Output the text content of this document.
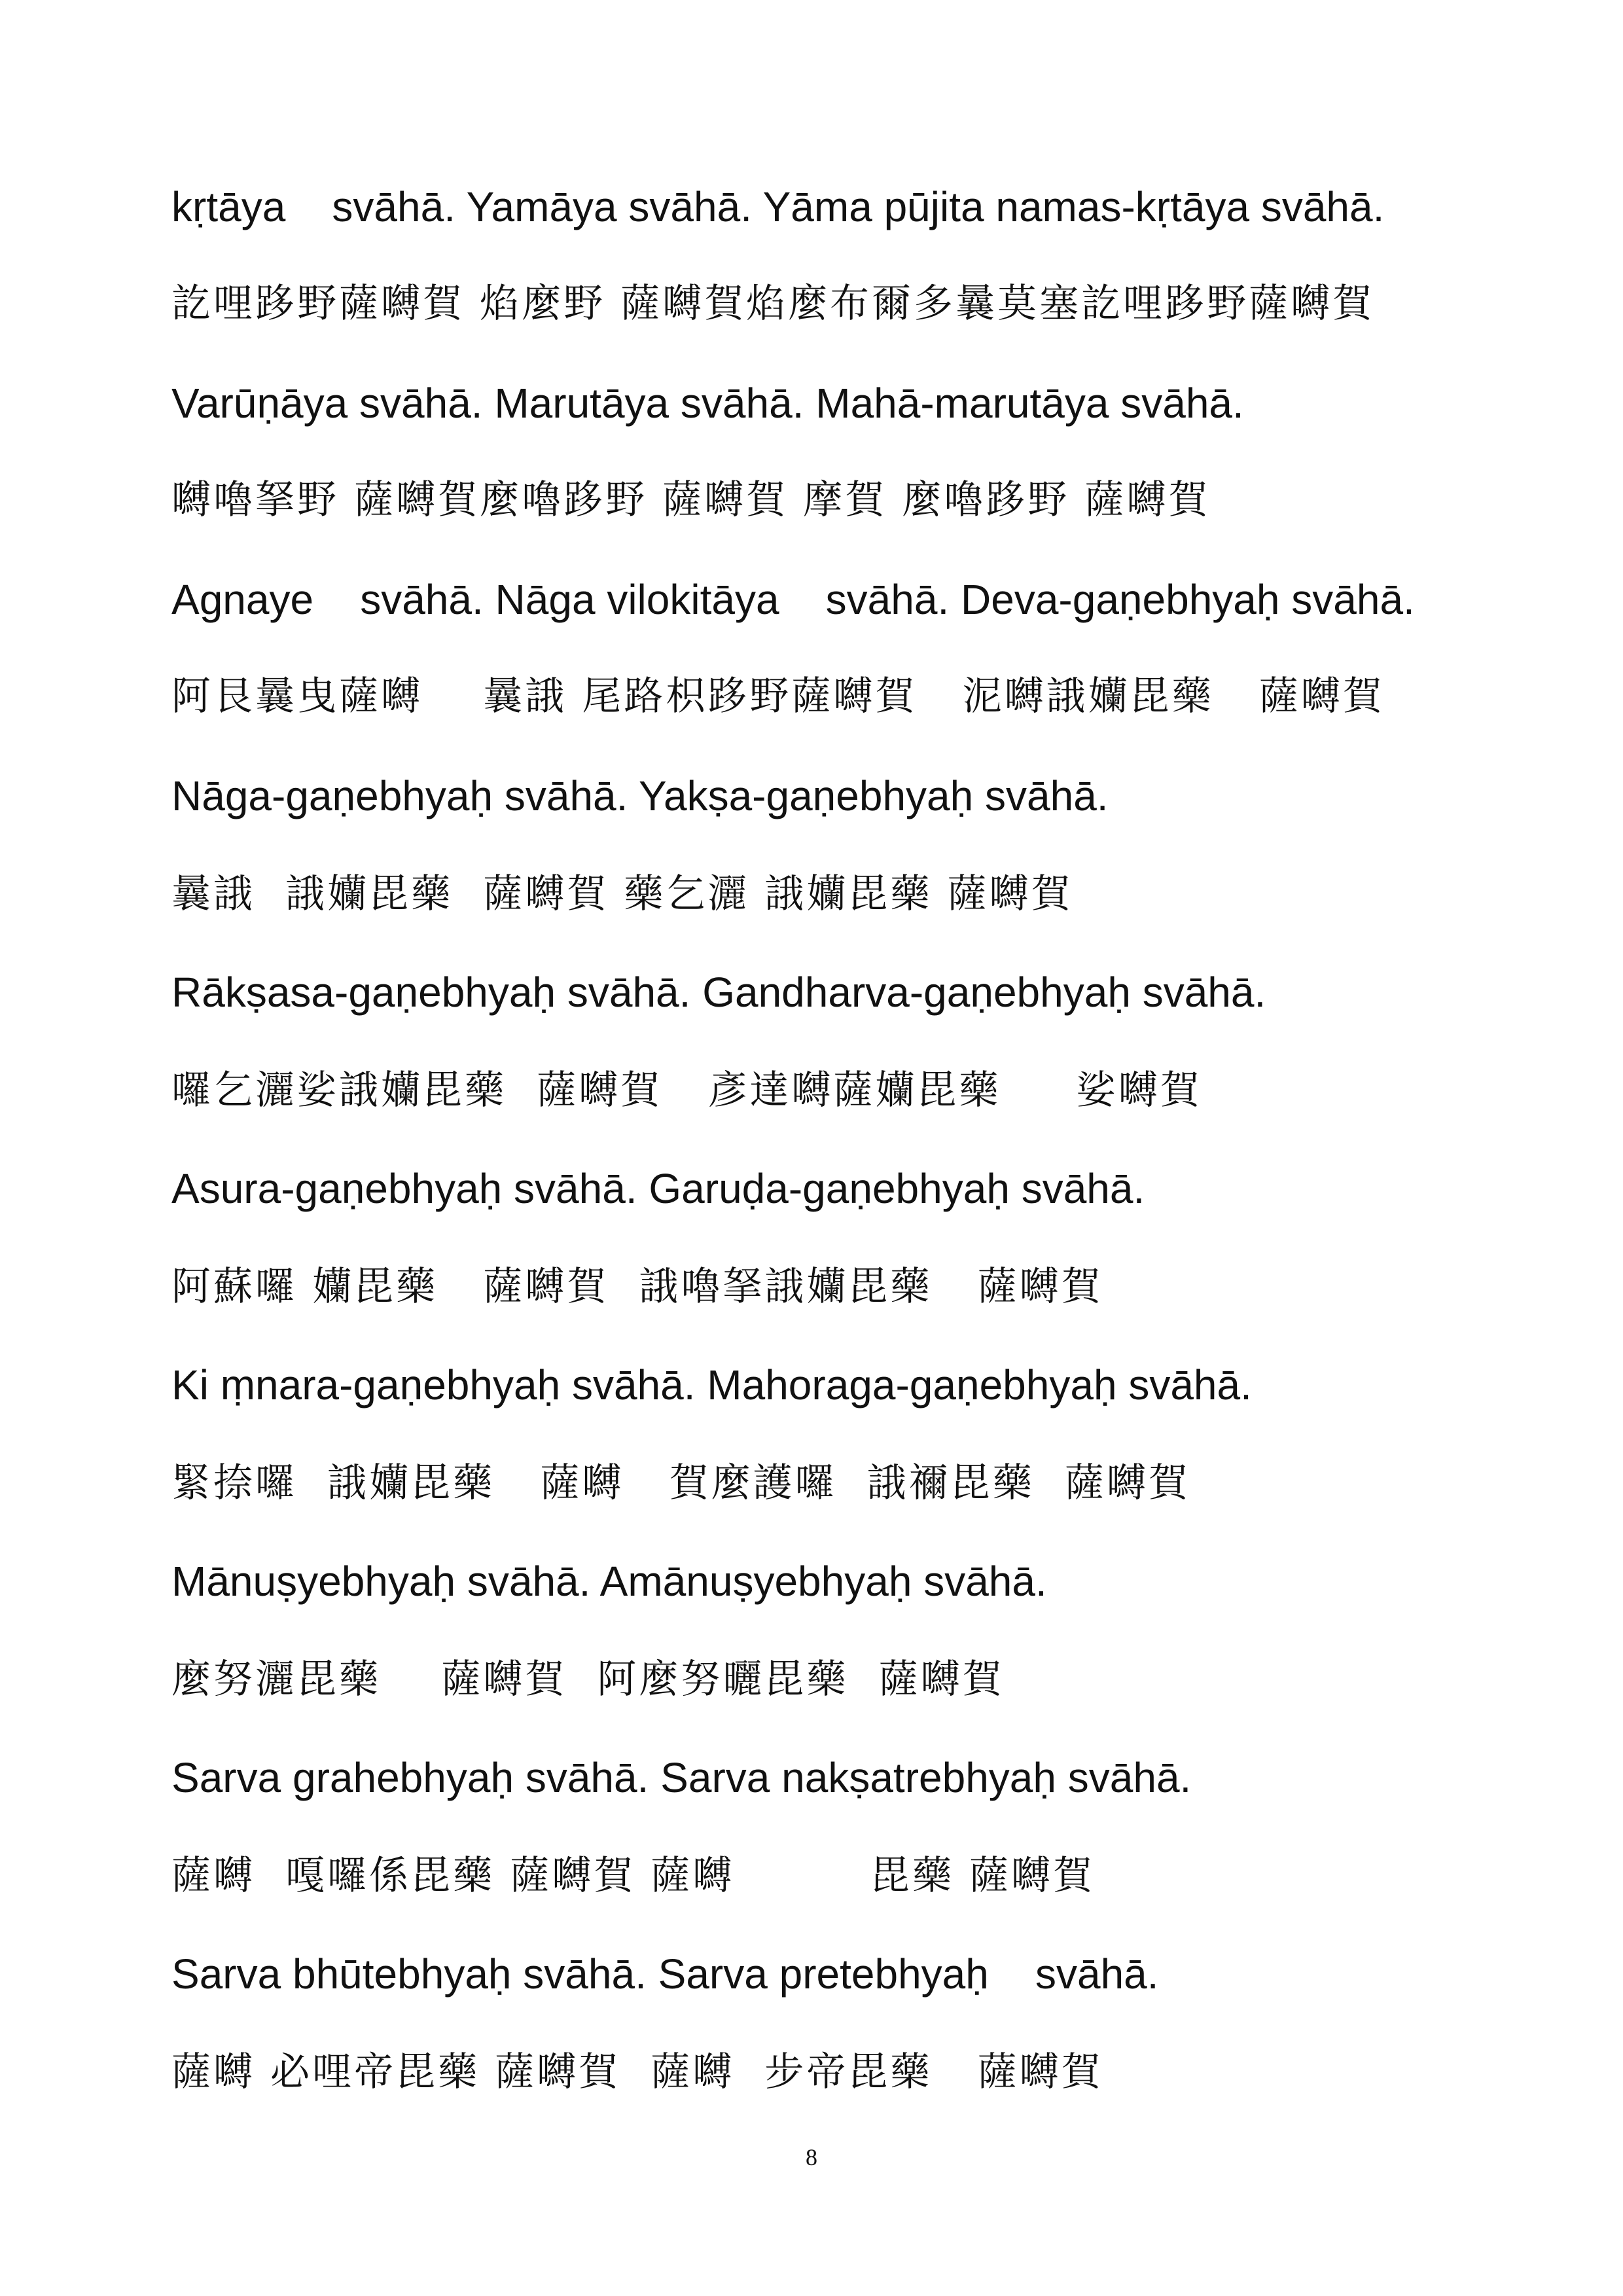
kṛtāya    svāhā. Yamāya svāhā. Yāma pūjita namas-kṛtāya svāhā.
訖哩跢野薩嚩賀 焰麼野 薩嚩賀焰麼布爾多曩莫塞訖哩跢野薩嚩賀
Varūṇāya svāhā. Marutāya svāhā. Mahā-marutāya svāhā.
嚩嚕拏野 薩嚩賀麼嚕跢野 薩嚩賀 摩賀 麼嚕跢野 薩嚩賀
Agnaye    svāhā. Nāga vilokitāya    svāhā. Deva-gaṇebhyaḥ svāhā.
阿艮曩曳薩嚩    曩誐 尾路枳跢野薩嚩賀   泥嚩誐孏毘藥   薩嚩賀
Nāga-gaṇebhyaḥ svāhā. Yakṣa-gaṇebhyaḥ svāhā.
曩誐  誐孏毘藥  薩嚩賀 藥乞灑 誐孏毘藥 薩嚩賀
Rākṣasa-gaṇebhyaḥ svāhā. Gandharva-gaṇebhyaḥ svāhā.
囉乞灑娑誐孏毘藥  薩嚩賀   彥達嚩薩孏毘藥     娑嚩賀
Asura-gaṇebhyaḥ svāhā. Garuḍa-gaṇebhyaḥ svāhā.
阿蘇囉 孏毘藥   薩嚩賀  誐嚕拏誐孏毘藥   薩嚩賀
Ki ṃnara-gaṇebhyaḥ svāhā. Mahoraga-gaṇebhyaḥ svāhā.
緊捺囉  誐孏毘藥   薩嚩   賀麼護囉  誐禰毘藥  薩嚩賀
Mānuṣyebhyaḥ svāhā. Amānuṣyebhyaḥ svāhā.
麼努灑毘藥    薩嚩賀  阿麼努曬毘藥  薩嚩賀
Sarva grahebhyaḥ svāhā. Sarva nakṣatrebhyaḥ svāhā.
薩嚩  嘎囉係毘藥 薩嚩賀 薩嚩         毘藥 薩嚩賀
Sarva bhūtebhyaḥ svāhā. Sarva pretebhyaḥ    svāhā.
薩嚩 必哩帝毘藥 薩嚩賀  薩嚩  步帝毘藥   薩嚩賀
8
